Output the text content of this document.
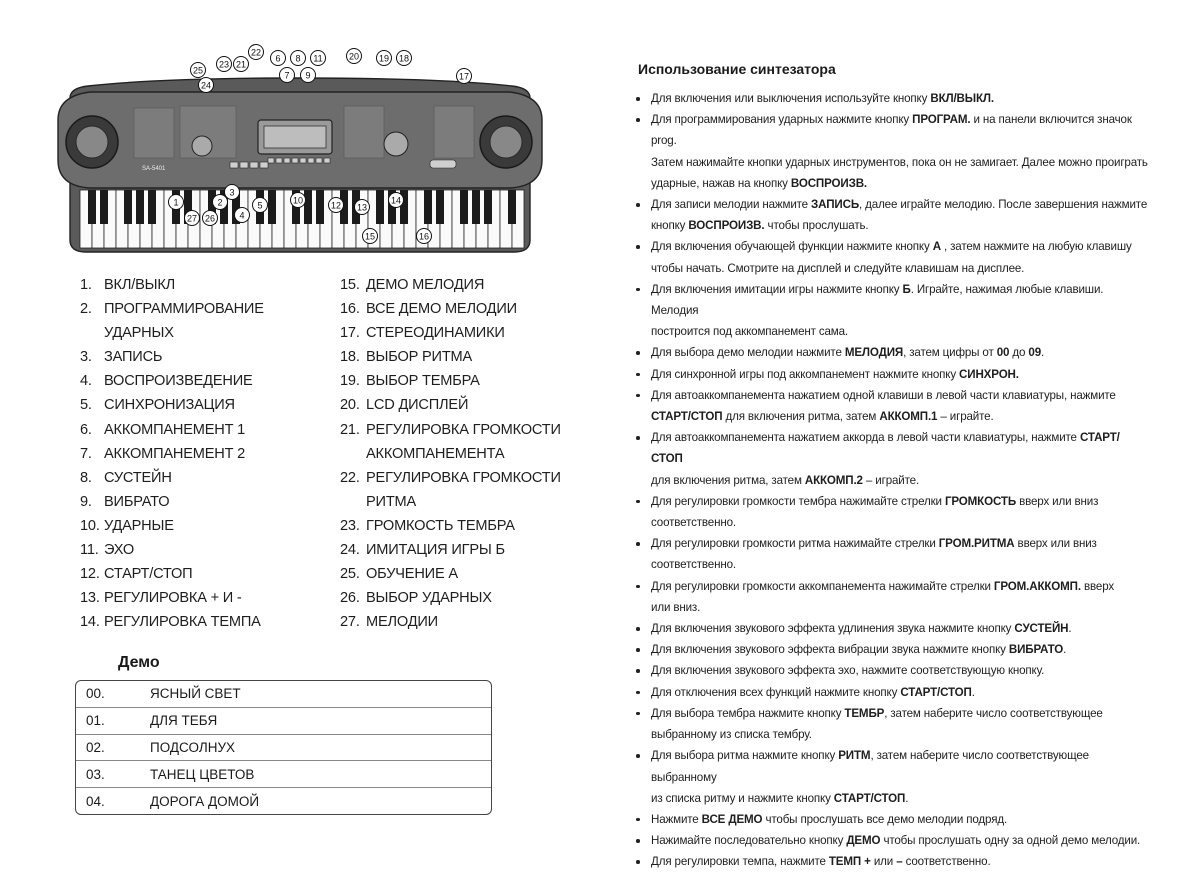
SA-5401
1	2
3
4
5
6
7
8
9
10
11
12 13
14
15	16
17
18
19
20
21
22
23
24
25
26
27
1. ВКЛ/ВЫКЛ
2. ПРОГРАММИРОВАНИЕ
УДАРНЫХ
3. ЗАПИСЬ
4. ВОСПРОИЗВЕДЕНИЕ
5. СИНХРОНИЗАЦИЯ
6. АККОМПАНЕМЕНТ 1
7. АККОМПАНЕМЕНТ 2
8. СУСТЕЙН
9. ВИБРАТО
10. УДАРНЫЕ
11. ЭХО
12. СТАРТ/СТОП
13. РЕГУЛИРОВКА + И -
14. РЕГУЛИРОВКА ТЕМПА
15. ДЕМО МЕЛОДИЯ
16. ВСЕ ДЕМО МЕЛОДИИ
17. СТЕРЕОДИНАМИКИ
18. ВЫБОР РИТМА
19. ВЫБОР ТЕМБРА
20. LCD ДИСПЛЕЙ
21. РЕГУЛИРОВКА ГРОМКОСТИ
АККОМПАНЕМЕНТА
22. РЕГУЛИРОВКА ГРОМКОСТИ
РИТМА
23. ГРОМКОСТЬ ТЕМБРА
24. ИМИТАЦИЯ ИГРЫ Б
25. ОБУЧЕНИЕ А
26. ВЫБОР УДАРНЫХ
27. МЕЛОДИИ
Демо
00.	ЯСНЫЙ СВЕТ
01.	ДЛЯ ТЕБЯ
02.	ПОДСОЛНУХ
03.	ТАНЕЦ ЦВЕТОВ
04.	ДОРОГА ДОМОЙ
Использование синтезатора
Для включения или выключения используйте кнопку ВКЛ/ВЫКЛ.
Для программирования ударных нажмите кнопку ПРОГРАМ. и на панели включится значок prog.
Затем нажимайте кнопки ударных инструментов, пока он не замигает. Далее можно проиграть
ударные, нажав на кнопку ВОСПРОИЗВ.
Для записи мелодии нажмите ЗАПИСЬ, далее играйте мелодию. После завершения нажмите
кнопку ВОСПРОИЗВ. чтобы прослушать.
Для включения обучающей функции нажмите кнопку А , затем нажмите на любую клавишу
чтобы начать. Смотрите на дисплей и следуйте клавишам на дисплее.
Для включения имитации игры нажмите кнопку Б. Играйте, нажимая любые клавиши. Мелодия
построится под аккомпанемент сама.
Для выбора демо мелодии нажмите МЕЛОДИЯ, затем цифры от 00 до 09.
Для синхронной игры под аккомпанемент нажмите кнопку СИНХРОН.
Для автоаккомпанемента нажатием одной клавиши в левой части клавиатуры, нажмите
СТАРТ/СТОП для включения ритма, затем АККОМП.1 – играйте.
Для автоаккомпанемента нажатием аккорда в левой части клавиатуры, нажмите СТАРТ/СТОП
для включения ритма, затем АККОМП.2 – играйте.
Для регулировки громкости тембра нажимайте стрелки ГРОМКОСТЬ вверх или вниз
соответственно.
Для регулировки громкости ритма нажимайте стрелки ГРОМ.РИТМА вверх или вниз
соответственно.
Для регулировки громкости аккомпанемента нажимайте стрелки ГРОМ.АККОМП. вверх
или вниз.
Для включения звукового эффекта удлинения звука нажмите кнопку СУСТЕЙН.
Для включения звукового эффекта вибрации звука нажмите кнопку ВИБРАТО.
Для включения звукового эффекта эхо, нажмите соответствующую кнопку.
Для отключения всех функций нажмите кнопку СТАРТ/СТОП.
Для выбора тембра нажмите кнопку ТЕМБР, затем наберите число соответствующее
выбранному из списка тембру.
Для выбора ритма нажмите кнопку РИТМ, затем наберите число соответствующее выбранному
из списка ритму и нажмите кнопку СТАРТ/СТОП.
Нажмите ВСЕ ДЕМО чтобы прослушать все демо мелодии подряд.
Нажимайте последовательно кнопку ДЕМО чтобы прослушать одну за одной демо мелодии.
Для регулировки темпа, нажмите ТЕМП + или – соответственно.
